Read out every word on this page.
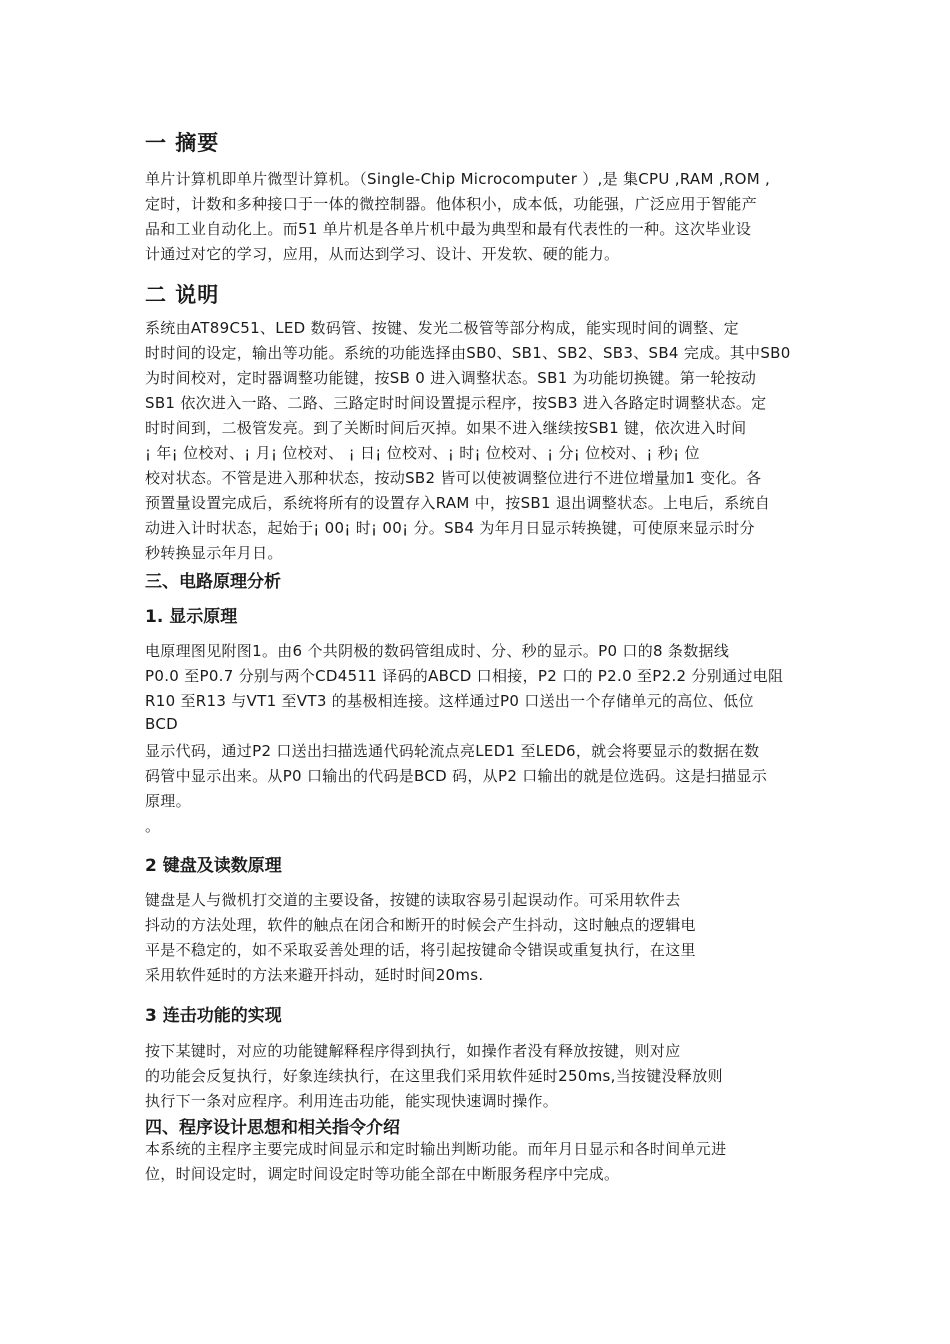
一 摘要
单片计算机即单片微型计算机。（Single-Chip Microcomputer ）,是 集CPU ,RAM ,ROM ,
定时，计数和多种接口于一体的微控制器。他体积小，成本低，功能强，广泛应用于智能产
品和工业自动化上。而51 单片机是各单片机中最为典型和最有代表性的一种。这次毕业设
计通过对它的学习，应用，从而达到学习、设计、开发软、硬的能力。
二 说明
系统由AT89C51、LED 数码管、按键、发光二极管等部分构成，能实现时间的调整、定
时时间的设定，输出等功能。系统的功能选择由SB0、SB1、SB2、SB3、SB4 完成。其中SB0
为时间校对，定时器调整功能键，按SB 0 进入调整状态。SB1 为功能切换键。第一轮按动
SB1 依次进入一路、二路、三路定时时间设置提示程序，按SB3 进入各路定时调整状态。定
时时间到，二极管发亮。到了关断时间后灭掉。如果不进入继续按SB1 键，依次进入时间
¡ 年¡ 位校对、¡ 月¡ 位校对、 ¡ 日¡ 位校对、¡ 时¡ 位校对、¡ 分¡ 位校对、¡ 秒¡ 位
校对状态。不管是进入那种状态，按动SB2 皆可以使被调整位进行不进位增量加1 变化。各
预置量设置完成后，系统将所有的设置存入RAM 中，按SB1 退出调整状态。上电后，系统自
动进入计时状态，起始于¡ 00¡ 时¡ 00¡ 分。SB4 为年月日显示转换键，可使原来显示时分
秒转换显示年月日。
三、电路原理分析
1. 显示原理
电原理图见附图1。由6 个共阴极的数码管组成时、分、秒的显示。P0 口的8 条数据线
P0.0 至P0.7 分别与两个CD4511 译码的ABCD 口相接，P2 口的 P2.0 至P2.2 分别通过电阻
R10 至R13 与VT1 至VT3 的基极相连接。这样通过P0 口送出一个存储单元的高位、低位
BCD
显示代码，通过P2 口送出扫描选通代码轮流点亮LED1 至LED6，就会将要显示的数据在数
码管中显示出来。从P0 口输出的代码是BCD 码，从P2 口输出的就是位选码。这是扫描显示
原理。
。
2 键盘及读数原理
键盘是人与微机打交道的主要设备，按键的读取容易引起误动作。可采用软件去
抖动的方法处理，软件的触点在闭合和断开的时候会产生抖动，这时触点的逻辑电
平是不稳定的，如不采取妥善处理的话，将引起按键命令错误或重复执行，在这里
采用软件延时的方法来避开抖动，延时时间20ms.
3 连击功能的实现
按下某键时，对应的功能键解释程序得到执行，如操作者没有释放按键，则对应
的功能会反复执行，好象连续执行，在这里我们采用软件延时250ms,当按键没释放则
执行下一条对应程序。利用连击功能，能实现快速调时操作。
四、程序设计思想和相关指令介绍
本系统的主程序主要完成时间显示和定时输出判断功能。而年月日显示和各时间单元进
位，时间设定时，调定时间设定时等功能全部在中断服务程序中完成。
